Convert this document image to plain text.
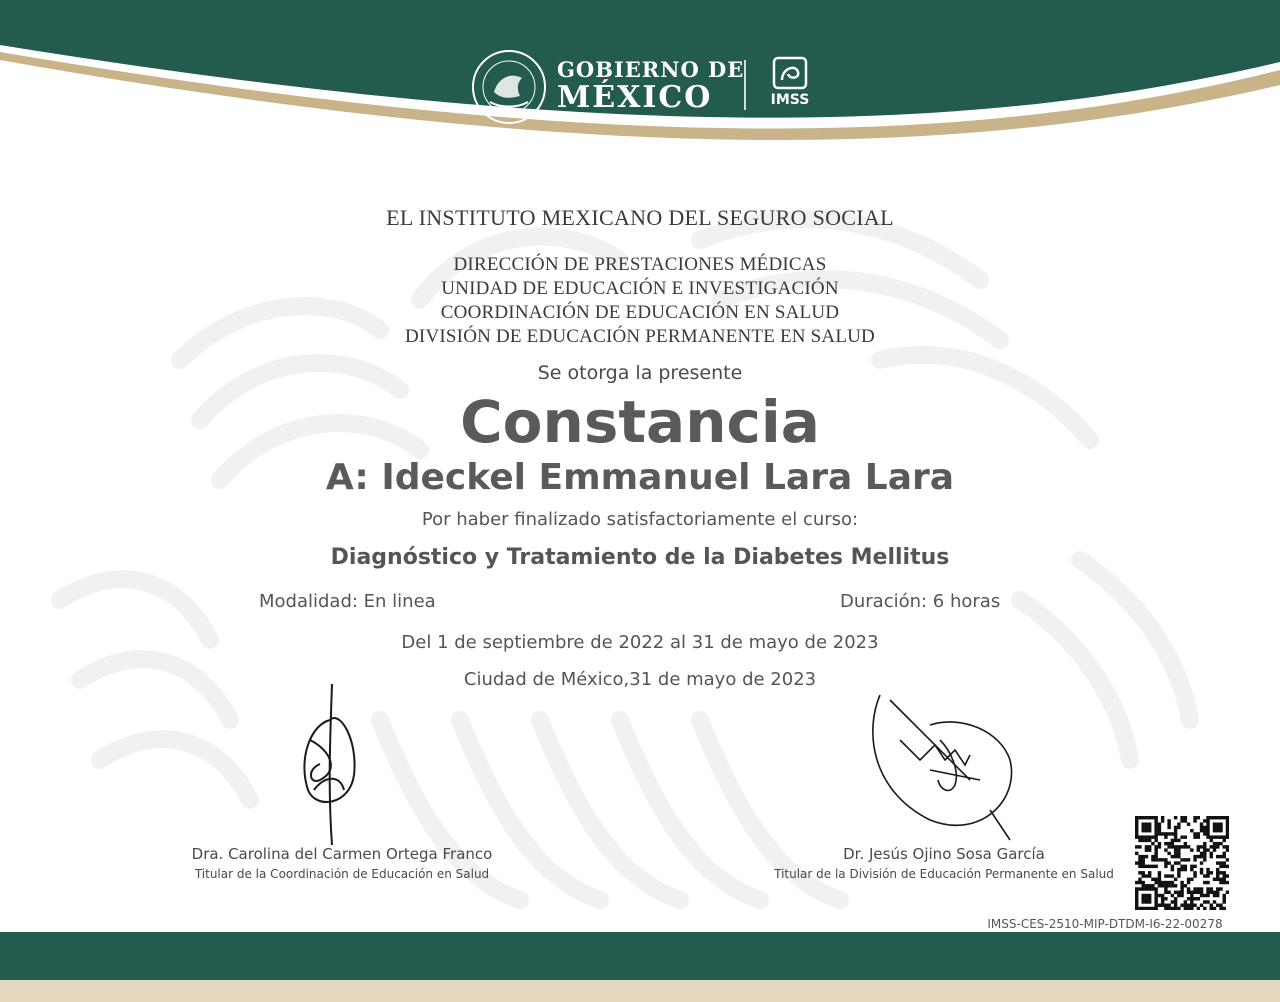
GOBIERNO DE
MÉXICO	IMSS
EL INSTITUTO MEXICANO DEL SEGURO SOCIAL
DIRECCIÓN DE PRESTACIONES MÉDICAS
UNIDAD DE EDUCACIÓN E INVESTIGACIÓN
COORDINACIÓN DE EDUCACIÓN EN SALUD
DIVISIÓN DE EDUCACIÓN PERMANENTE EN SALUD
Se otorga la presente
Constancia
A: Ideckel Emmanuel Lara Lara
Por haber finalizado satisfactoriamente el curso:
Diagnóstico y Tratamiento de la Diabetes Mellitus
Modalidad: En linea	Duración: 6 horas
Del 1 de septiembre de 2022 al 31 de mayo de 2023
Ciudad de México,31 de mayo de 2023
Dra. Carolina del Carmen Ortega Franco
Titular de la Coordinación de Educación en Salud
Dr. Jesús Ojino Sosa García
Titular de la División de Educación Permanente en Salud
IMSS-CES-2510-MIP-DTDM-I6-22-00278
